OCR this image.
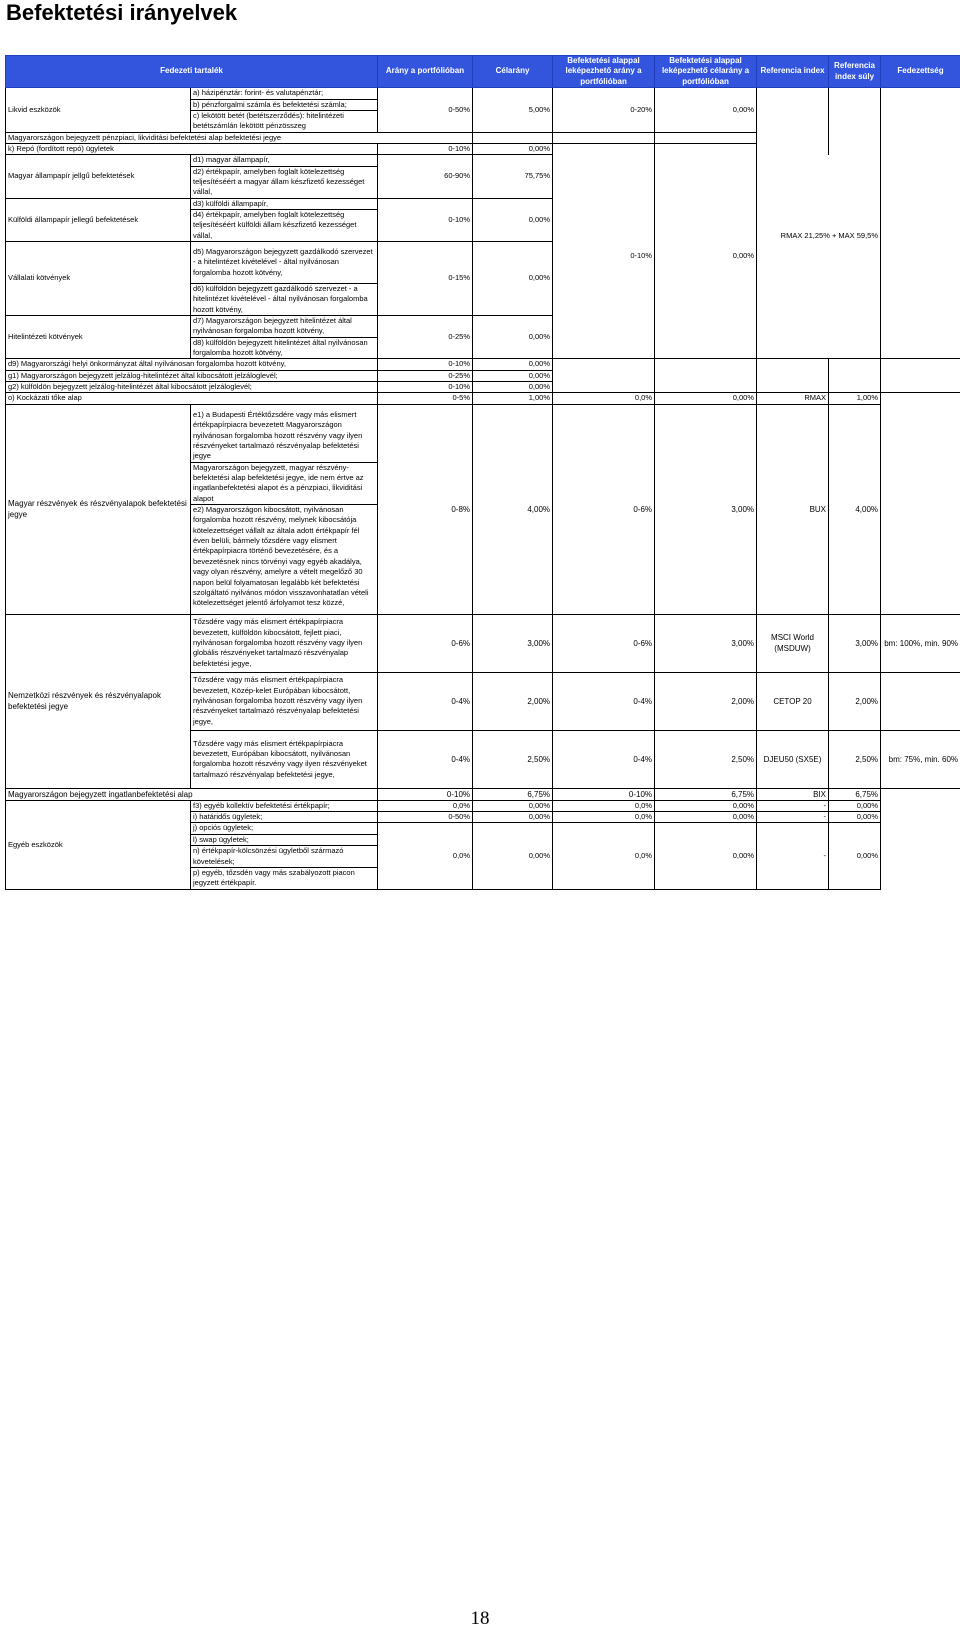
Befektetési irányelvek
Fedezeti tartalék		Arány a portfólióban	Célarány	Befektetési alappal leképezhető arány a portfólióban	Befektetési alappal leképezhető célarány a portfólióban	Referencia index	Referencia index súly	Fedezettség
Likvid eszközök	a) házipénztár: forint- és valutapénztár;	0-50%	5,00%	0-20%	0,00%			
	b) pénzforgalmi számla és befektetési számla;							
	c) lekötött betét (betétszerződés): hitelintézeti betétszámlán lekötött pénzösszeg							
Magyarországon bejegyzett pénzpiaci, likviditási befektetési alap befektetési jegye								
k) Repó (fordított repó) ügyletek		0-10%	0,00%					
Magyar állampapír jellgű befektetések	d1) magyar állampapír,	60-90%	75,75%	0-10%	0,00%	RMAX 21,25% + MAX 59,5%		
	d2) értékpapír, amelyben foglalt kötelezettség teljesítéséért a magyar állam készfizető kezességet vállal,							
Külföldi állampapír jellegű befektetések	d3) külföldi állampapír,	0-10%	0,00%					
	d4) értékpapír, amelyben foglalt kötelezettség teljesítéséért külföldi állam készfizető kezességet vállal,							
Vállalati kötvények	d5) Magyarországon bejegyzett gazdálkodó szervezet - a hitelintézet kivételével - által nyilvánosan forgalomba hozott kötvény,	0-15%	0,00%					
	d6) külföldön bejegyzett gazdálkodó szervezet - a hitelintézet kivételével - által nyilvánosan forgalomba hozott kötvény,							
Hitelintézeti kötvények	d7) Magyarországon bejegyzett hitelintézet által nyilvánosan forgalomba hozott kötvény,	0-25%	0,00%					
	d8) külföldön bejegyzett hitelintézet által nyilvánosan forgalomba hozott kötvény,							
d9) Magyarországi helyi önkormányzat által nyilvánosan forgalomba hozott kötvény,		0-10%	0,00%					
g1) Magyarországon bejegyzett jelzálog-hitelintézet által kibocsátott jelzáloglevél;		0-25%	0,00%					
g2) külföldön bejegyzett jelzálog-hitelintézet által kibocsátott jelzáloglevél;		0-10%	0,00%					
o) Kockázati tőke alap		0-5%	1,00%	0,0%	0,00%	RMAX	1,00%	
Magyar részvények és részvényalapok befektetési jegye	e1) a Budapesti Értéktőzsdére vagy más elismert értékpapírpiacra bevezetett Magyarországon nyilvánosan forgalomba hozott részvény vagy ilyen részvényeket tartalmazó részvényalap befektetési jegye
Magyarországon bejegyzett, magyar részvény-befektetési alap befektetési jegye, ide nem értve az ingatlanbefektetési alapot és a pénzpiaci, likviditási alapot
e2) Magyarországon kibocsátott, nyilvánosan forgalomba hozott részvény, melynek kibocsátója kötelezettséget vállalt az általa adott értékpapír fél éven belüli, bármely tőzsdére vagy elismert értékpapírpiacra történő bevezetésére, és a bevezetésnek nincs törvényi vagy egyéb akadálya, vagy olyan részvény, amelyre a vételt megelőző 30 napon belül folyamatosan legalább két befektetési szolgáltató nyilvános módon visszavonhatatlan vételi kötelezettséget jelentő árfolyamot tesz közzé,	0-8%	4,00%	0-6%	3,00%	BUX	4,00%	
Nemzetközi részvények és részvényalapok befektetési jegye	Tőzsdére vagy más elismert értékpapírpiacra bevezetett, külföldön kibocsátott, fejlett piaci, nyilvánosan forgalomba hozott részvény vagy ilyen globális részvényeket tartalmazó részvényalap befektetési jegye,	0-6%	3,00%	0-6%	3,00%	MSCI World (MSDUW)	3,00%	bm: 100%, min. 90%
	Tőzsdére vagy más elismert értékpapírpiacra bevezetett, Közép-kelet Európában kibocsátott, nyilvánosan forgalomba hozott részvény vagy ilyen részvényeket tartalmazó részvényalap befektetési jegye,	0-4%	2,00%	0-4%	2,00%	CETOP 20	2,00%	
	Tőzsdére vagy más elismert értékpapírpiacra bevezetett, Európában kibocsátott, nyilvánosan forgalomba hozott részvény vagy ilyen részvényeket tartalmazó részvényalap befektetési jegye,	0-4%	2,50%	0-4%	2,50%	DJEU50 (SX5E)	2,50%	bm: 75%, min. 60%
Magyarországon bejegyzett ingatlanbefektetési alap		0-10%	6,75%	0-10%	6,75%	BIX	6,75%	
Egyéb eszközök	f3) egyéb kollektív befektetési értékpapír;	0,0%	0,00%	0,0%	0,00%	-	0,00%	
	i) határidős ügyletek;	0-50%	0,00%	0,0%	0,00%	-	0,00%	
	j) opciós ügyletek;	0,0%	0,00%	0,0%	0,00%	-	0,00%	
	l) swap ügyletek;							
	n) értékpapír-kölcsönzési ügyletből származó követelések;							
	p) egyéb, tőzsdén vagy más szabályozott piacon jegyzett értékpapír.							
18
